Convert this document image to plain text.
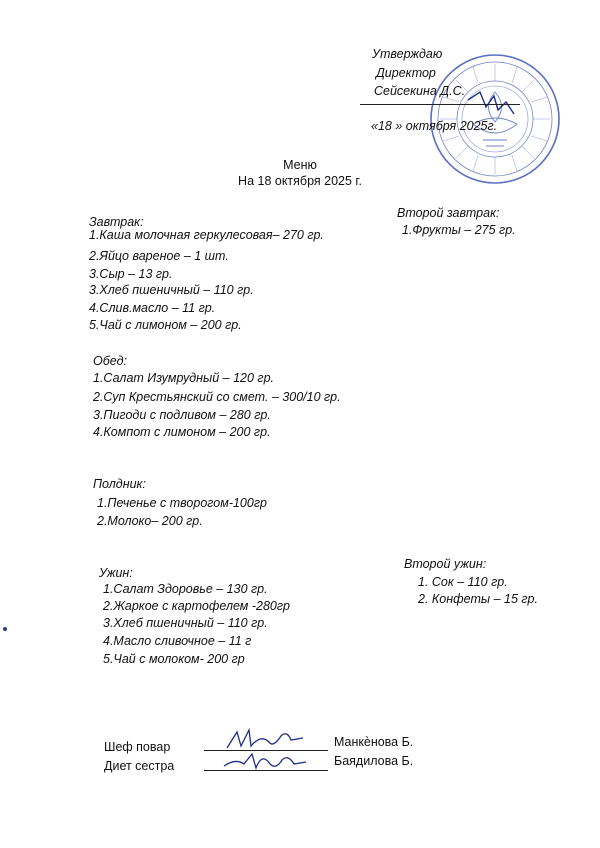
Утверждаю
Директор
Сейсекина Д.С.
«18 » октября 2025г.
Меню
На 18 октября 2025 г.
Завтрак:
1.Каша молочная геркулесовая– 270 гр.
2.Яйцо вареное – 1 шт.
3.Сыр – 13 гр.
3.Хлеб пшеничный – 110 гр.
4.Слив.масло – 11 гр.
5.Чай с лимоном – 200 гр.
Второй завтрак:
1.Фрукты – 275 гр.
Обед:
1.Салат Изумрудный – 120 гр.
2.Суп Крестьянский со смет. – 300/10 гр.
3.Пигоди с подливом – 280 гр.
4.Компот с лимоном – 200 гр.
Полдник:
1.Печенье с творогом-100гр
2.Молоко– 200 гр.
Ужин:
1.Салат Здоровье – 130 гр.
2.Жаркое с картофелем -280гр
3.Хлеб пшеничный – 110 гр.
4.Масло сливочное – 11 г
5.Чай с молоком- 200 гр
Второй ужин:
1. Сок – 110 гр.
2. Конфеты – 15 гр.
Шеф повар	Манкѐнова Б.
Диет сестра	Баядилова Б.
